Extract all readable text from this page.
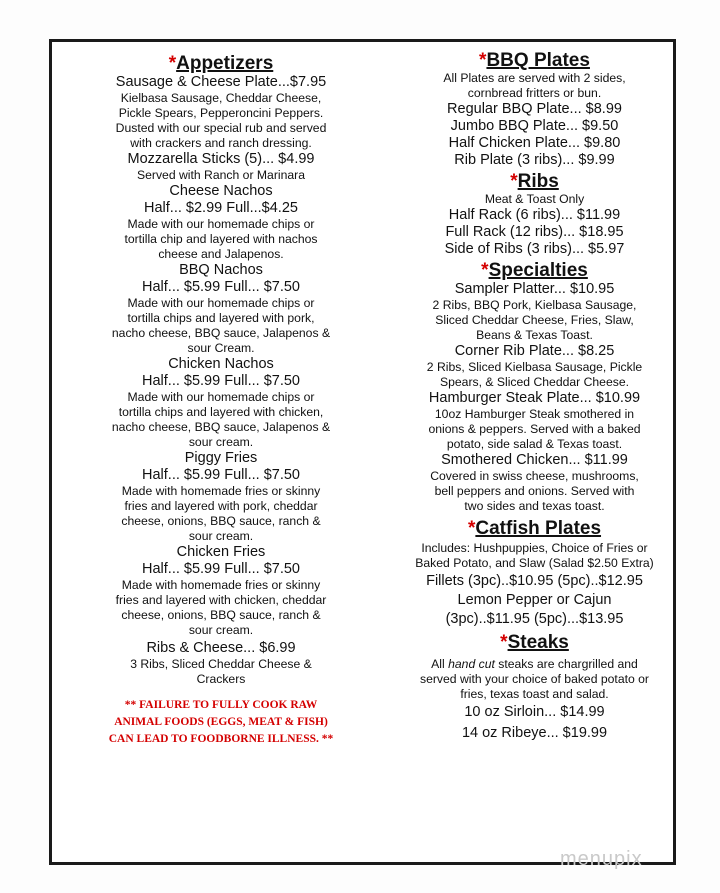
*Appetizers
Sausage & Cheese Plate...$7.95
Kielbasa Sausage, Cheddar Cheese,
Pickle Spears, Pepperoncini Peppers.
Dusted with our special rub and served
with crackers and ranch dressing.
Mozzarella Sticks (5)... $4.99
Served with Ranch or Marinara
Cheese Nachos
Half... $2.99 Full...$4.25
Made with our homemade chips or
tortilla chip and layered with nachos
cheese and Jalapenos.
BBQ Nachos
Half... $5.99 Full... $7.50
Made with our homemade chips or
tortilla chips and layered with pork,
nacho cheese, BBQ sauce, Jalapenos &
sour Cream.
Chicken Nachos
Half... $5.99 Full... $7.50
Made with our homemade chips or
tortilla chips and layered with chicken,
nacho cheese, BBQ sauce, Jalapenos &
sour cream.
Piggy Fries
Half... $5.99 Full... $7.50
Made with homemade fries or skinny
fries and layered with pork, cheddar
cheese, onions, BBQ sauce, ranch &
sour cream.
Chicken Fries
Half... $5.99 Full... $7.50
Made with homemade fries or skinny
fries and layered with chicken, cheddar
cheese, onions, BBQ sauce, ranch &
sour cream.
Ribs & Cheese... $6.99
3 Ribs, Sliced Cheddar Cheese &
Crackers
** FAILURE TO FULLY COOK RAW
ANIMAL FOODS (EGGS, MEAT & FISH)
CAN LEAD TO FOODBORNE ILLNESS. **
*BBQ Plates
All Plates are served with 2 sides,
cornbread fritters or bun.
Regular BBQ Plate... $8.99
Jumbo BBQ Plate... $9.50
Half Chicken Plate... $9.80
Rib Plate (3 ribs)... $9.99
*Ribs
Meat & Toast Only
Half Rack (6 ribs)... $11.99
Full Rack (12 ribs)... $18.95
Side of Ribs (3 ribs)... $5.97
*Specialties
Sampler Platter... $10.95
2 Ribs, BBQ Pork, Kielbasa Sausage,
Sliced Cheddar Cheese, Fries, Slaw,
Beans & Texas Toast.
Corner Rib Plate... $8.25
2 Ribs, Sliced Kielbasa Sausage, Pickle
Spears, & Sliced Cheddar Cheese.
Hamburger Steak Plate... $10.99
10oz Hamburger Steak smothered in
onions & peppers. Served with a baked
potato, side salad & Texas toast.
Smothered Chicken... $11.99
Covered in swiss cheese, mushrooms,
bell peppers and onions. Served with
two sides and texas toast.
*Catfish Plates
Includes: Hushpuppies, Choice of Fries or
Baked Potato, and Slaw (Salad $2.50 Extra)
Fillets (3pc)..$10.95 (5pc)..$12.95
Lemon Pepper or Cajun
(3pc)..$11.95 (5pc)...$13.95
*Steaks
All hand cut steaks are chargrilled and
served with your choice of baked potato or
fries, texas toast and salad.
10 oz Sirloin... $14.99
14 oz Ribeye... $19.99
menupix
